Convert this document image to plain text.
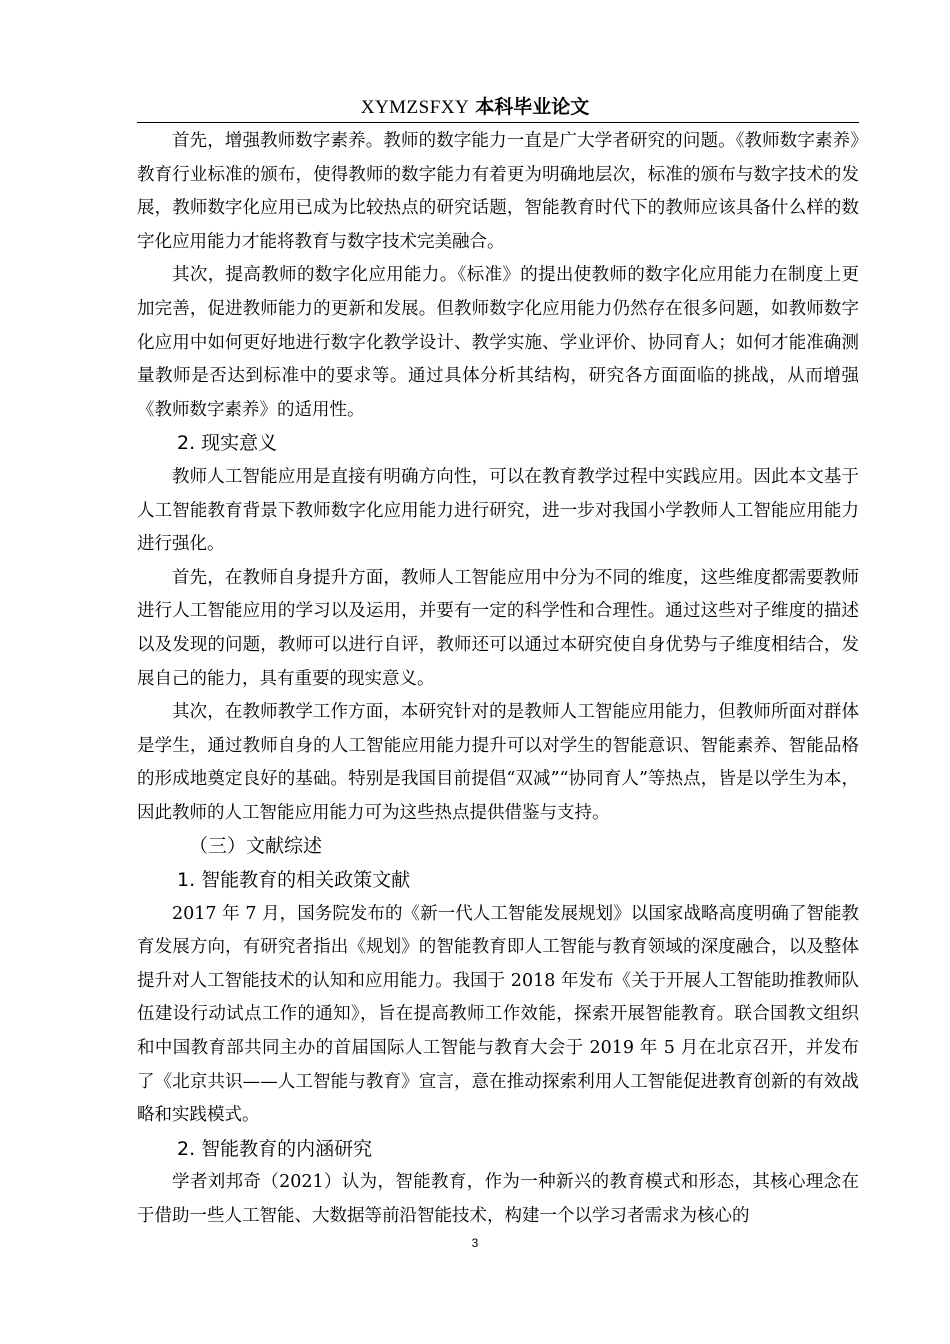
XYMZSFXY 本科毕业论文

首先，增强教师数字素养。教师的数字能力一直是广大学者研究的问题。《教师数字素养》教育行业标准的颁布，使得教师的数字能力有着更为明确地层次，标准的颁布与数字技术的发展，教师数字化应用已成为比较热点的研究话题，智能教育时代下的教师应该具备什么样的数字化应用能力才能将教育与数字技术完美融合。

其次，提高教师的数字化应用能力。《标准》的提出使教师的数字化应用能力在制度上更加完善，促进教师能力的更新和发展。但教师数字化应用能力仍然存在很多问题，如教师数字化应用中如何更好地进行数字化教学设计、教学实施、学业评价、协同育人；如何才能准确测量教师是否达到标准中的要求等。通过具体分析其结构，研究各方面面临的挑战，从而增强《教师数字素养》的适用性。

2. 现实意义

教师人工智能应用是直接有明确方向性，可以在教育教学过程中实践应用。因此本文基于人工智能教育背景下教师数字化应用能力进行研究，进一步对我国小学教师人工智能应用能力进行强化。

首先，在教师自身提升方面，教师人工智能应用中分为不同的维度，这些维度都需要教师进行人工智能应用的学习以及运用，并要有一定的科学性和合理性。通过这些对子维度的描述以及发现的问题，教师可以进行自评，教师还可以通过本研究使自身优势与子维度相结合，发展自己的能力，具有重要的现实意义。

其次，在教师教学工作方面，本研究针对的是教师人工智能应用能力，但教师所面对群体是学生，通过教师自身的人工智能应用能力提升可以对学生的智能意识、智能素养、智能品格的形成地奠定良好的基础。特别是我国目前提倡“双减”“协同育人”等热点，皆是以学生为本，因此教师的人工智能应用能力可为这些热点提供借鉴与支持。

（三）文献综述

1. 智能教育的相关政策文献

2017 年 7 月，国务院发布的《新一代人工智能发展规划》以国家战略高度明确了智能教育发展方向，有研究者指出《规划》的智能教育即人工智能与教育领域的深度融合，以及整体提升对人工智能技术的认知和应用能力。我国于 2018 年发布《关于开展人工智能助推教师队伍建设行动试点工作的通知》，旨在提高教师工作效能，探索开展智能教育。联合国教文组织和中国教育部共同主办的首届国际人工智能与教育大会于 2019 年 5 月在北京召开，并发布了《北京共识——人工智能与教育》宣言，意在推动探索利用人工智能促进教育创新的有效战略和实践模式。

2. 智能教育的内涵研究

学者刘邦奇（2021）认为，智能教育，作为一种新兴的教育模式和形态，其核心理念在于借助一些人工智能、大数据等前沿智能技术，构建一个以学习者需求为核心的

3
